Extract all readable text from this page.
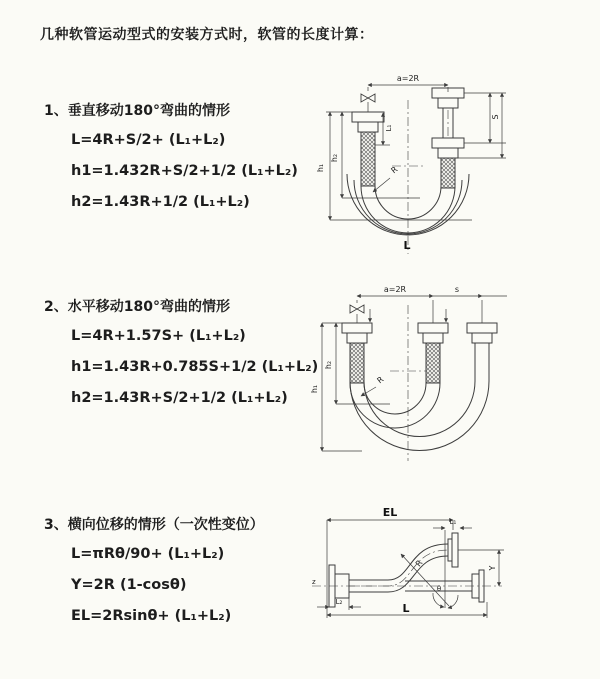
几种软管运动型式的安装方式时，软管的长度计算：
1、垂直移动180°弯曲的情形

L=4R+S/2+ (L₁+L₂)

h1=1.432R+S/2+1/2 (L₁+L₂)

h2=1.43R+1/2 (L₁+L₂)

a=2R
h₁
h₂
L₁
S
R
L
2、水平移动180°弯曲的情形

L=4R+1.57S+ (L₁+L₂)

h1=1.43R+0.785S+1/2 (L₁+L₂)

h2=1.43R+S/2+1/2 (L₁+L₂)

a=2R	s
h₁
h₂
R
3、横向位移的情形（一次性变位）

L=πRθ/90+ (L₁+L₂)

Y=2R (1-cosθ)

EL=2Rsinθ+ (L₁+L₂)

z
EL
L₁
Y
R
θ
L
L₂
